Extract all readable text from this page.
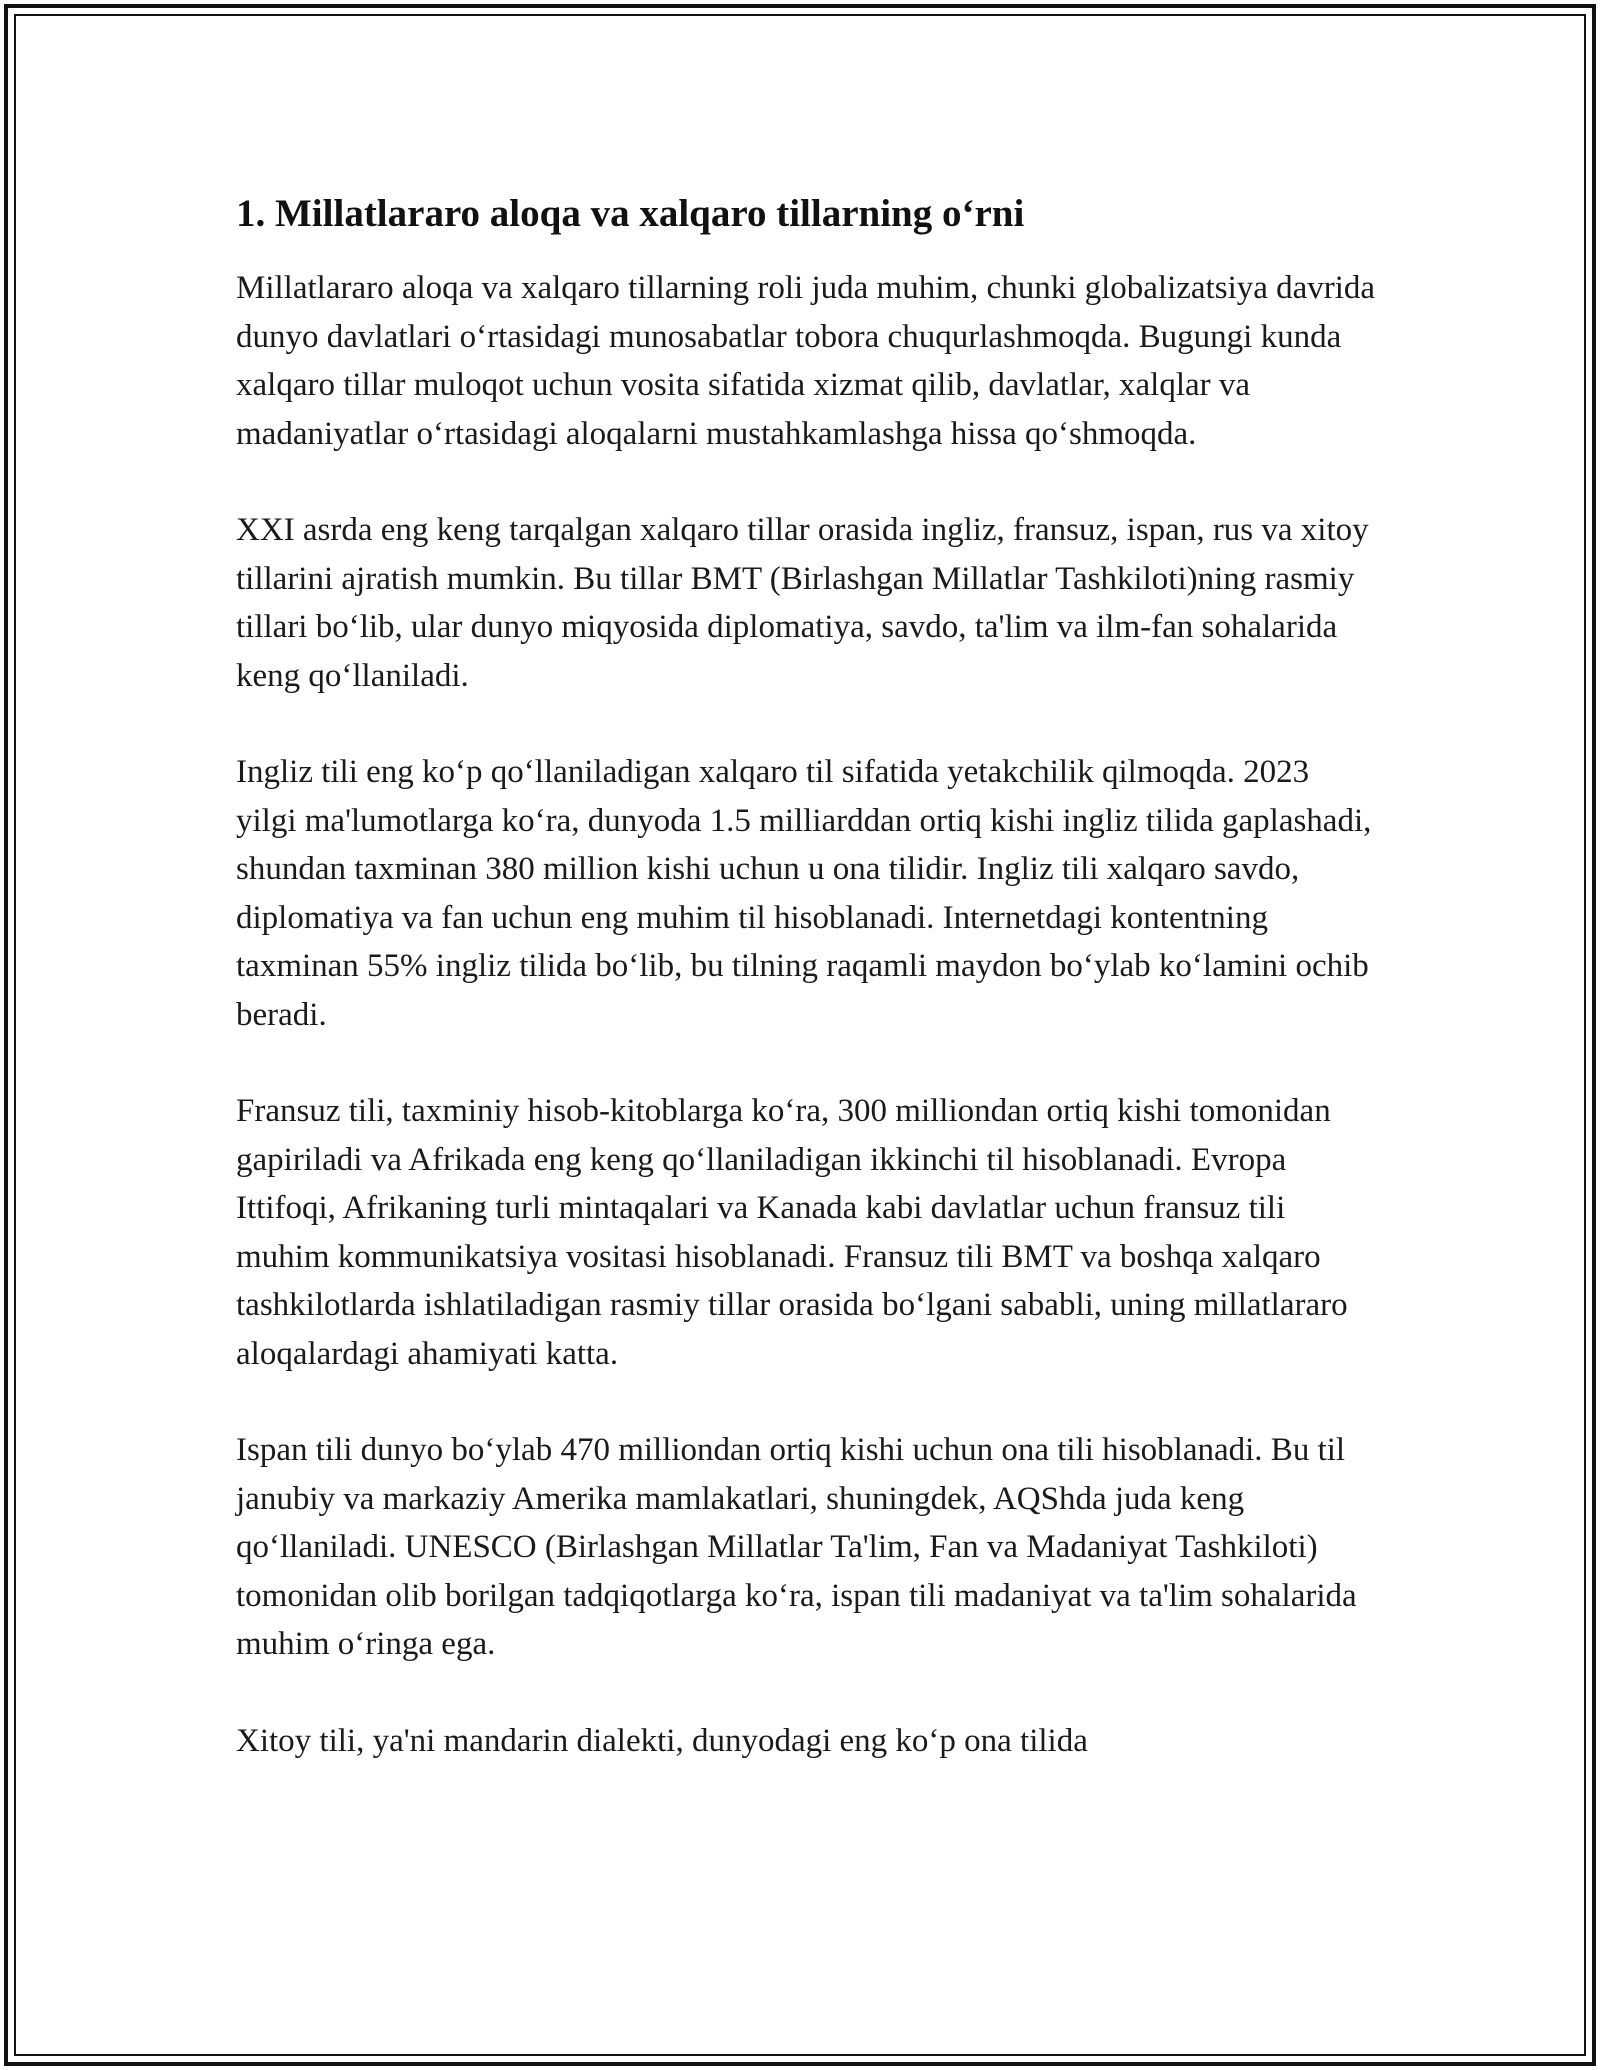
1. Millatlararo aloqa va xalqaro tillarning o‘rni

Millatlararo aloqa va xalqaro tillarning roli juda muhim, chunki globalizatsiya davrida dunyo davlatlari o‘rtasidagi munosabatlar tobora chuqurlashmoqda. Bugungi kunda xalqaro tillar muloqot uchun vosita sifatida xizmat qilib, davlatlar, xalqlar va madaniyatlar o‘rtasidagi aloqalarni mustahkamlashga hissa qo‘shmoqda.

XXI asrda eng keng tarqalgan xalqaro tillar orasida ingliz, fransuz, ispan, rus va xitoy tillarini ajratish mumkin. Bu tillar BMT (Birlashgan Millatlar Tashkiloti)ning rasmiy tillari bo‘lib, ular dunyo miqyosida diplomatiya, savdo, ta'lim va ilm-fan sohalarida keng qo‘llaniladi.

Ingliz tili eng ko‘p qo‘llaniladigan xalqaro til sifatida yetakchilik qilmoqda. 2023 yilgi ma'lumotlarga ko‘ra, dunyoda 1.5 milliarddan ortiq kishi ingliz tilida gaplashadi, shundan taxminan 380 million kishi uchun u ona tilidir. Ingliz tili xalqaro savdo, diplomatiya va fan uchun eng muhim til hisoblanadi. Internetdagi kontentning taxminan 55% ingliz tilida bo‘lib, bu tilning raqamli maydon bo‘ylab ko‘lamini ochib beradi.

Fransuz tili, taxminiy hisob-kitoblarga ko‘ra, 300 milliondan ortiq kishi tomonidan gapiriladi va Afrikada eng keng qo‘llaniladigan ikkinchi til hisoblanadi. Evropa Ittifoqi, Afrikaning turli mintaqalari va Kanada kabi davlatlar uchun fransuz tili muhim kommunikatsiya vositasi hisoblanadi. Fransuz tili BMT va boshqa xalqaro tashkilotlarda ishlatiladigan rasmiy tillar orasida bo‘lgani sababli, uning millatlararo aloqalardagi ahamiyati katta.

Ispan tili dunyo bo‘ylab 470 milliondan ortiq kishi uchun ona tili hisoblanadi. Bu til janubiy va markaziy Amerika mamlakatlari, shuningdek, AQShda juda keng qo‘llaniladi. UNESCO (Birlashgan Millatlar Ta'lim, Fan va Madaniyat Tashkiloti) tomonidan olib borilgan tadqiqotlarga ko‘ra, ispan tili madaniyat va ta'lim sohalarida muhim o‘ringa ega.

Xitoy tili, ya'ni mandarin dialekti, dunyodagi eng ko‘p ona tilida
